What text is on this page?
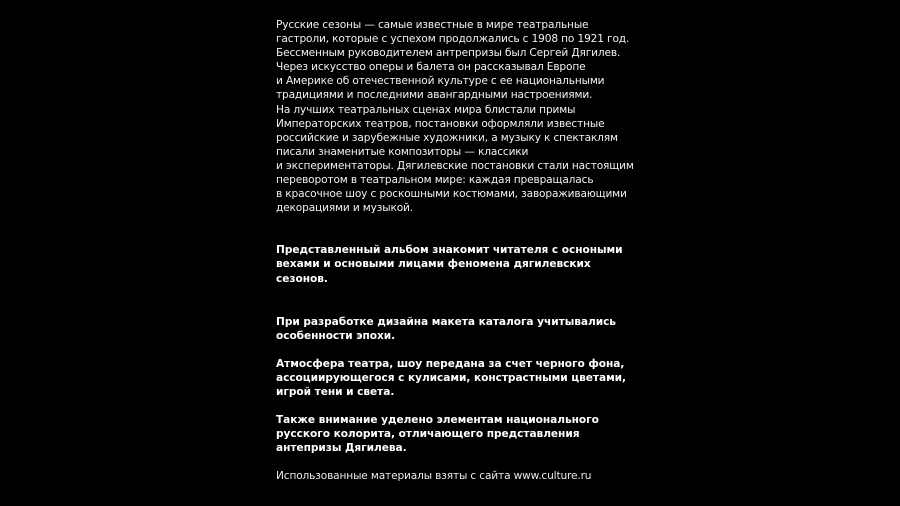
Русские сезоны — самые известные в мире театральные
гастроли, которые с успехом продолжались с 1908 по 1921 год.
Бессменным руководителем антрепризы был Сергей Дягилев.
Через искусство оперы и балета он рассказывал Европе
и Америке об отечественной культуре с ее национальными
традициями и последними авангардными настроениями.
На лучших театральных сценах мира блистали примы
Императорских театров, постановки оформляли известные
российские и зарубежные художники, а музыку к спектаклям
писали знаменитые композиторы — классики
и экспериментаторы. Дягилевские постановки стали настоящим
переворотом в театральном мире: каждая превращалась
в красочное шоу с роскошными костюмами, завораживающими
декорациями и музыкой.
Представленный альбом знакомит читателя с осноными
вехами и основыми лицами феномена дягилевских
сезонов.
При разработке дизайна макета каталога учитывались
особенности эпохи.
Атмосфера театра, шоу передана за счет черного фона,
ассоциирующегося с кулисами, констрастными цветами,
игрой тени и света.
Также внимание уделено элементам национального
русского колорита, отличающего представления
антепризы Дягилева.
Использованные материалы взяты с сайта www.culture.ru
